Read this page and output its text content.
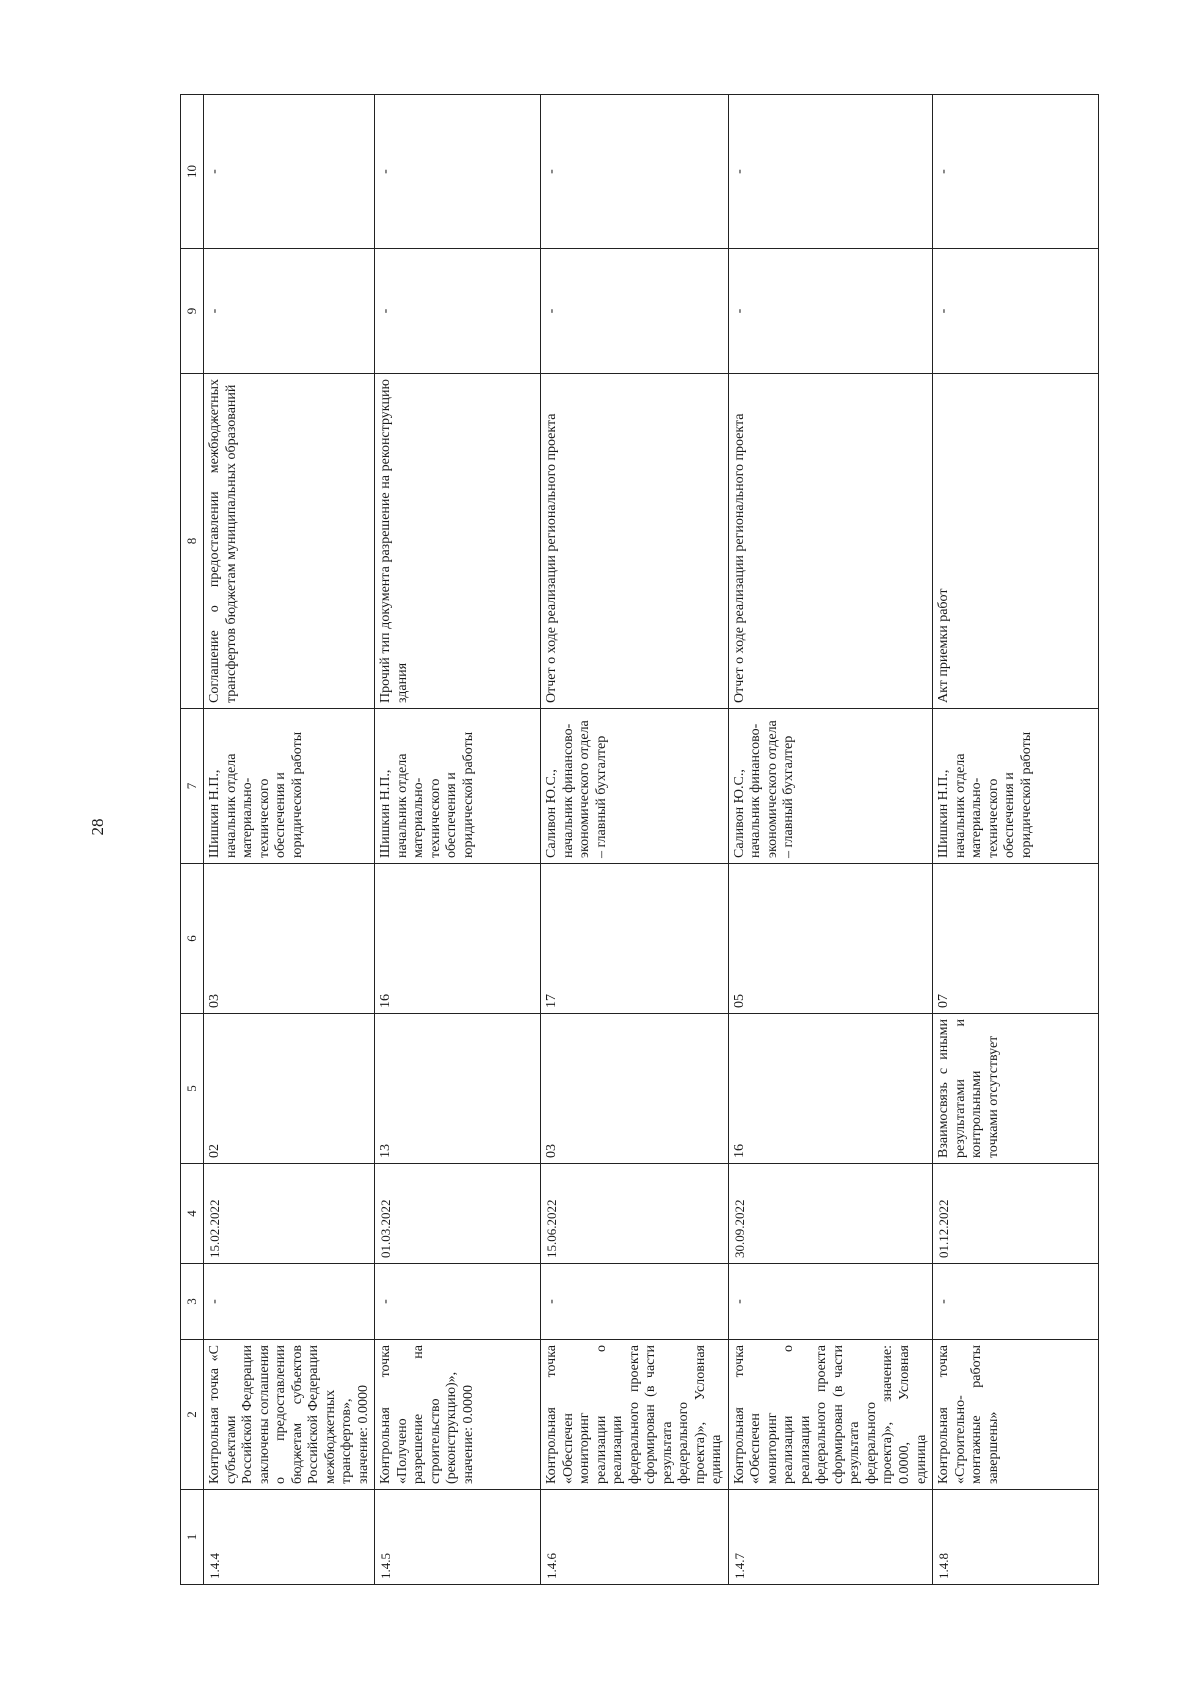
28
1	2	3	4	5	6	7	8	9	10
1.4.4	Контрольная точка «С субъектами Российской Федерации заключены соглашения о предоставлении бюджетам субъектов Российской Федерации межбюджетных трансфертов», значение: 0.0000	-	15.02.2022	02	03	Шишкин Н.П., начальник отдела материально-технического обеспечения и юридической работы	Соглашение о предоставлении межбюджетных трансфертов бюджетам муниципальных образований	-	-
1.4.5	Контрольная точка «Получено разрешение на строительство (реконструкцию)», значение: 0.0000	-	01.03.2022	13	16	Шишкин Н.П., начальник отдела материально-технического обеспечения и юридической работы	Прочий тип документа разрешение на реконструкцию здания	-	-
1.4.6	Контрольная точка «Обеспечен мониторинг реализации о реализации федерального проекта сформирован (в части результата федерального проекта)», Условная единица	-	15.06.2022	03	17	Саливон Ю.С., начальник финансово-экономического отдела – главный бухгалтер	Отчет о ходе реализации регионального проекта	-	-
1.4.7	Контрольная точка «Обеспечен мониторинг реализации о реализации федерального проекта сформирован (в части результата федерального проекта)», значение: 0.0000, Условная единица	-	30.09.2022	16	05	Саливон Ю.С., начальник финансово-экономического отдела – главный бухгалтер	Отчет о ходе реализации регионального проекта	-	-
1.4.8	Контрольная точка «Строительно-монтажные работы завершены»	-	01.12.2022	Взаимосвязь с иными результатами и контрольными точками отсутствует	07	Шишкин Н.П., начальник отдела материально-технического обеспечения и юридической работы	Акт приемки работ	-	-
